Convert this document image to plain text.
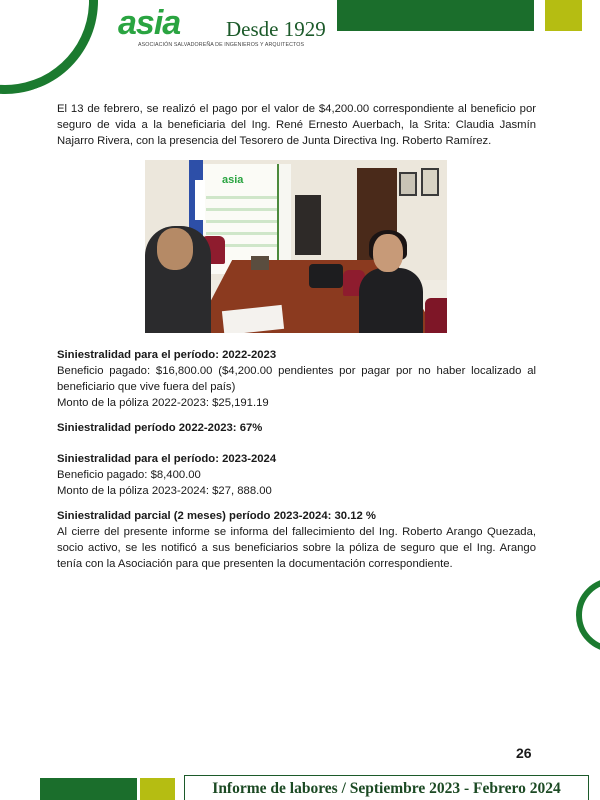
asia Desde 1929
ASOCIACIÓN SALVADOREÑA DE INGENIEROS Y ARQUITECTOS

El 13 de febrero, se realizó el pago por el valor de $4,200.00 correspondiente al beneficio por seguro de vida a la beneficiaria del Ing. René Ernesto Auerbach, la Srita: Claudia Jasmín Najarro Rivera, con la presencia del Tesorero de Junta Directiva Ing. Roberto Ramírez.

asia

Siniestralidad para el período: 2022-2023

Beneficio pagado: $16,800.00 ($4,200.00 pendientes por pagar por no haber localizado al beneficiario que vive fuera del país)

Monto de la póliza 2022-2023: $25,191.19

Siniestralidad período 2022-2023: 67%

Siniestralidad para el período: 2023-2024

Beneficio pagado: $8,400.00

Monto de la póliza 2023-2024: $27, 888.00

Siniestralidad parcial (2 meses) período 2023-2024: 30.12 %

Al cierre del presente informe se informa del fallecimiento del Ing. Roberto Arango Quezada, socio activo, se les notificó a sus beneficiarios sobre la póliza de seguro que el Ing. Arango tenía con la Asociación para que presenten la documentación correspondiente.

26
Informe de labores / Septiembre 2023 - Febrero 2024
